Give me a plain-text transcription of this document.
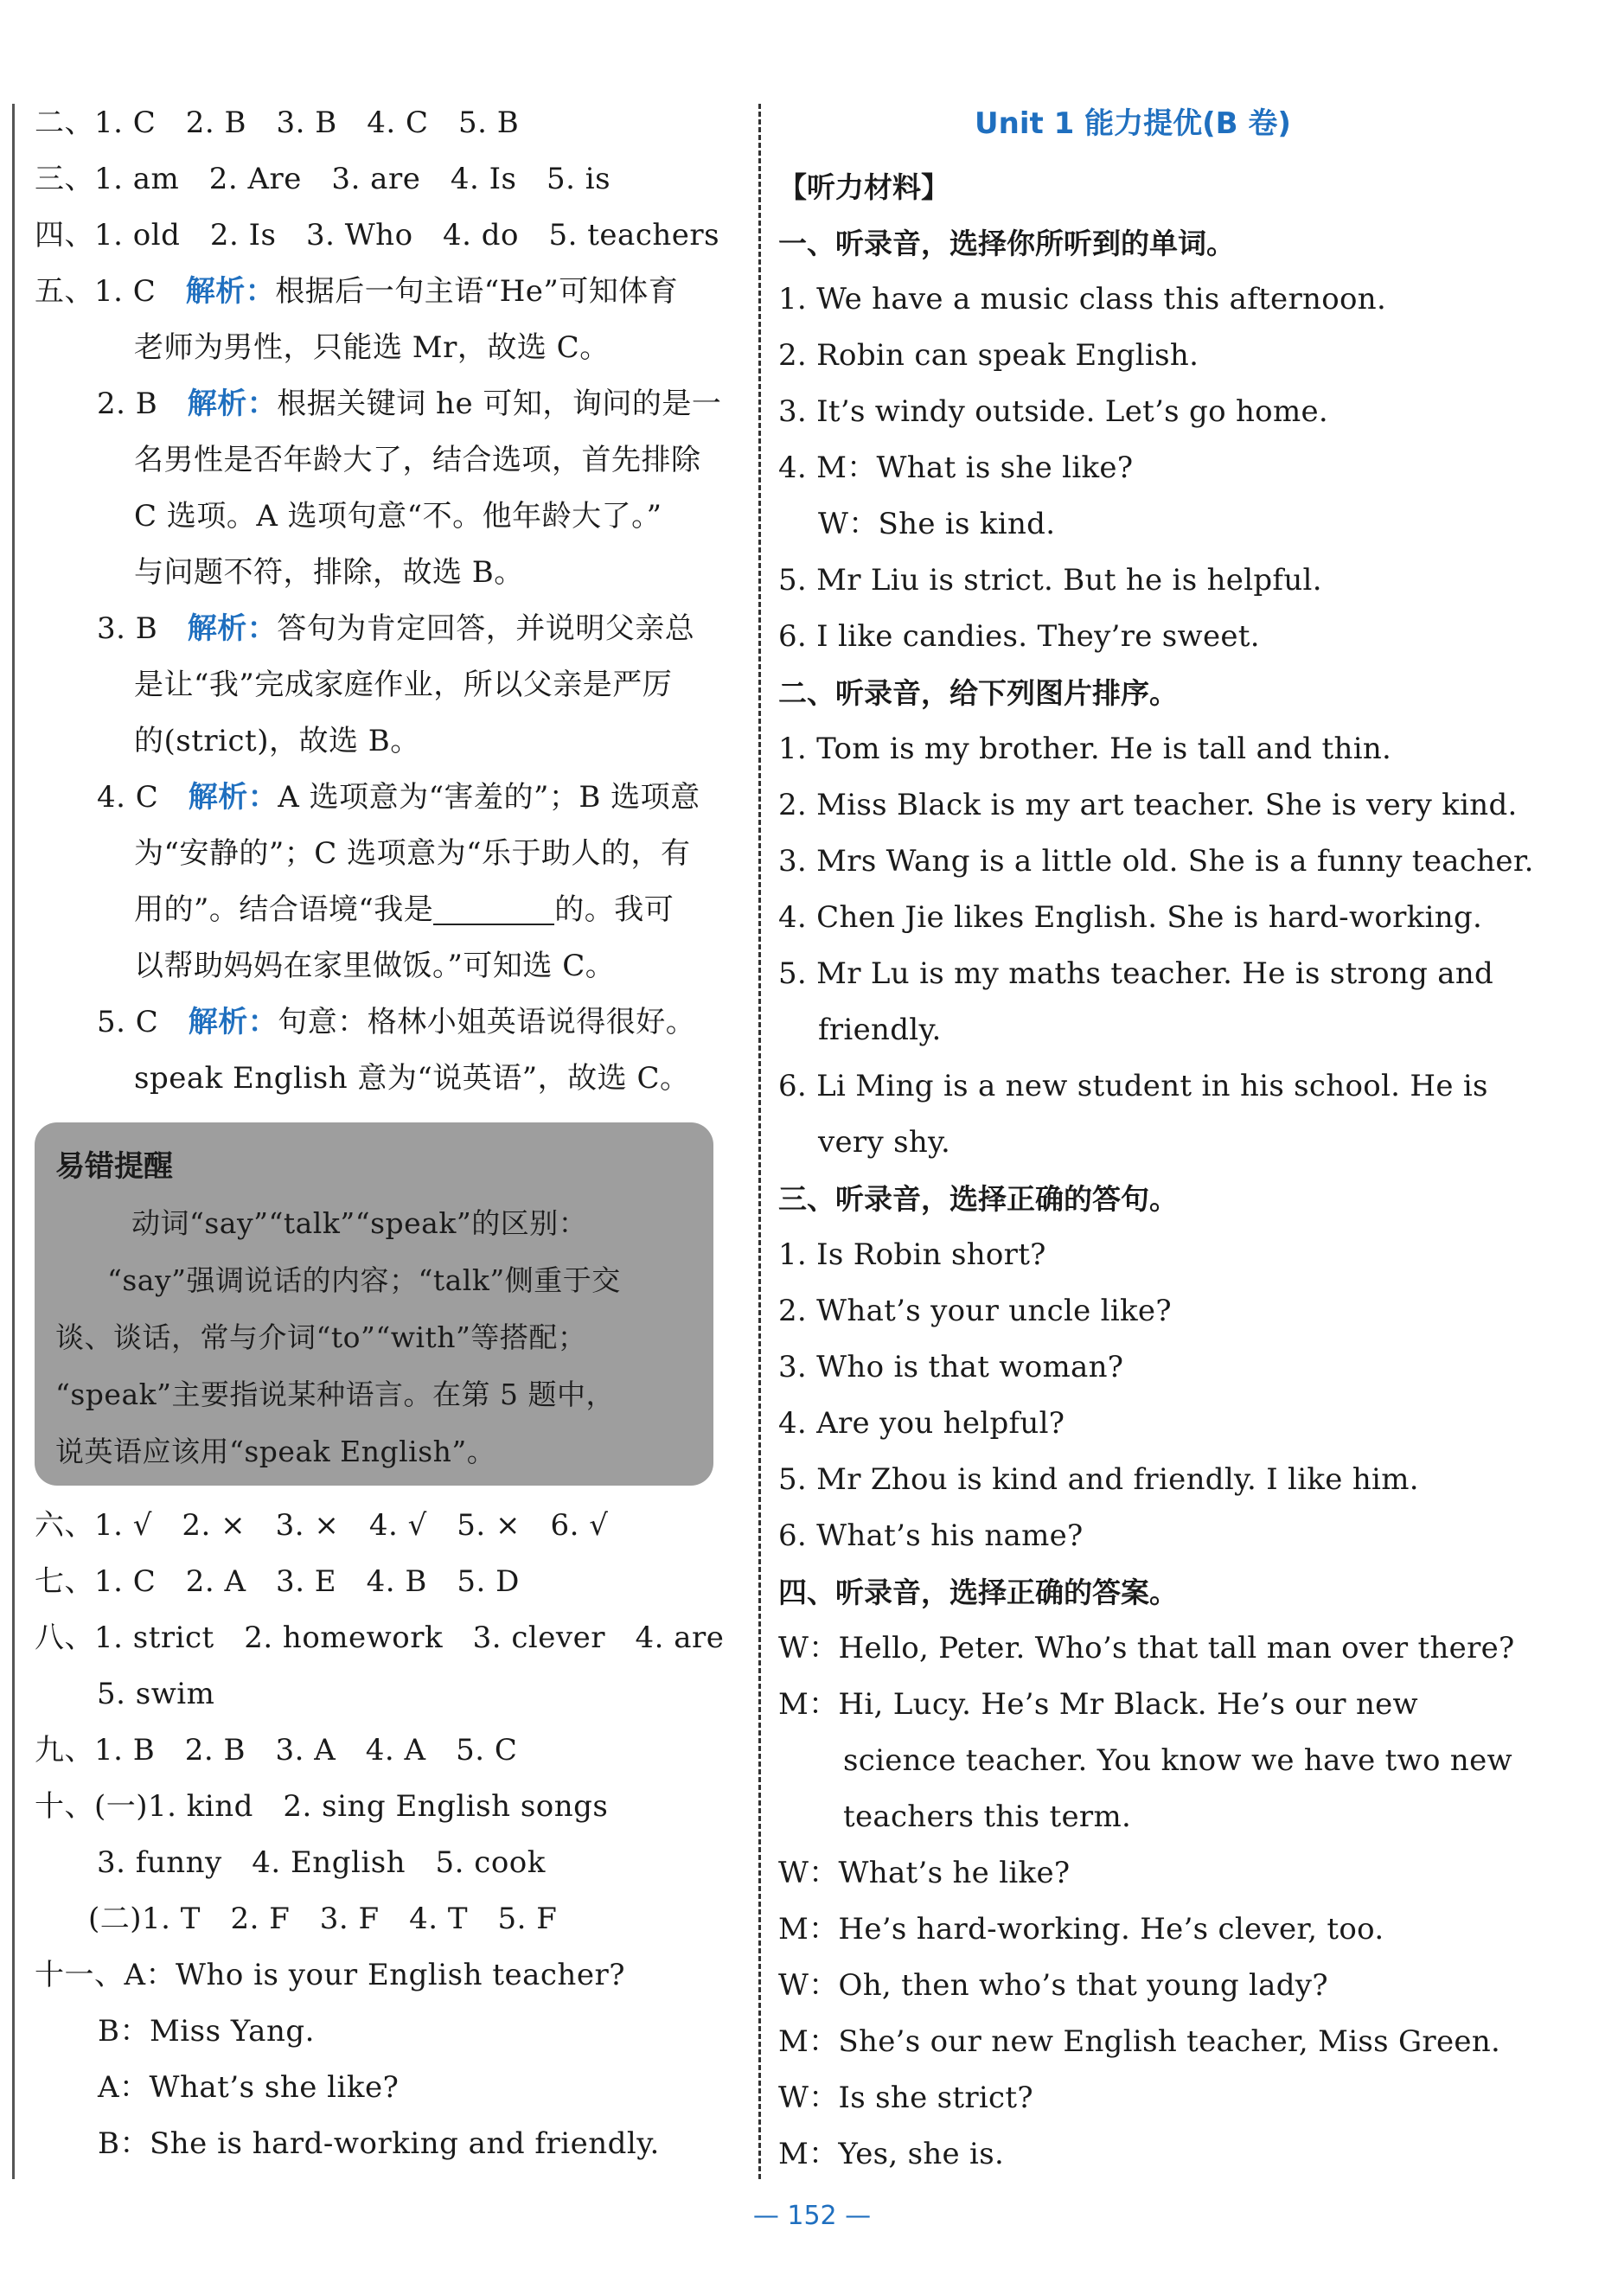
二、1. C　2. B　3. B　4. C　5. B
三、1. am　2. Are　3. are　4. Is　5. is
四、1. old　2. Is　3. Who　4. do　5. teachers
五、1. C　解析：根据后一句主语“He”可知体育
老师为男性，只能选 Mr，故选 C。
2. B　解析：根据关键词 he 可知，询问的是一
名男性是否年龄大了，结合选项，首先排除
C 选项。A 选项句意“不。他年龄大了。”
与问题不符，排除，故选 B。
3. B　解析：答句为肯定回答，并说明父亲总
是让“我”完成家庭作业，所以父亲是严厉
的(strict)，故选 B。
4. C　解析：A 选项意为“害羞的”；B 选项意
为“安静的”；C 选项意为“乐于助人的，有
用的”。结合语境“我是	的。我可
以帮助妈妈在家里做饭。”可知选 C。
5. C　解析：句意：格林小姐英语说得很好。
speak English 意为“说英语”，故选 C。
易错提醒
动词“say”“talk”“speak”的区别：
“say”强调说话的内容；“talk”侧重于交
谈、谈话，常与介词“to”“with”等搭配；
“speak”主要指说某种语言。在第 5 题中，
说英语应该用“speak English”。
六、1. √　2. ×　3. ×　4. √　5. ×　6. √
七、1. C　2. A　3. E　4. B　5. D
八、1. strict　2. homework　3. clever　4. are
5. swim
九、1. B　2. B　3. A　4. A　5. C
十、(一)1. kind　2. sing English songs
3. funny　4. English　5. cook
(二)1. T　2. F　3. F　4. T　5. F
十一、A：Who is your English teacher?
B：Miss Yang.
A：What’s she like?
B：She is hard-working and friendly.
Unit 1 能力提优(B 卷)
【听力材料】
一、听录音，选择你所听到的单词。
1. We have a music class this afternoon.
2. Robin can speak English.
3. It’s windy outside. Let’s go home.
4. M：What is she like?
W：She is kind.
5. Mr Liu is strict. But he is helpful.
6. I like candies. They’re sweet.
二、听录音，给下列图片排序。
1. Tom is my brother. He is tall and thin.
2. Miss Black is my art teacher. She is very kind.
3. Mrs Wang is a little old. She is a funny teacher.
4. Chen Jie likes English. She is hard-working.
5. Mr Lu is my maths teacher. He is strong and
friendly.
6. Li Ming is a new student in his school. He is
very shy.
三、听录音，选择正确的答句。
1. Is Robin short?
2. What’s your uncle like?
3. Who is that woman?
4. Are you helpful?
5. Mr Zhou is kind and friendly. I like him.
6. What’s his name?
四、听录音，选择正确的答案。
W：Hello, Peter. Who’s that tall man over there?
M：Hi, Lucy. He’s Mr Black. He’s our new
science teacher. You know we have two new
teachers this term.
W：What’s he like?
M：He’s hard-working. He’s clever, too.
W：Oh, then who’s that young lady?
M：She’s our new English teacher, Miss Green.
W：Is she strict?
M：Yes, she is.
— 152 —
